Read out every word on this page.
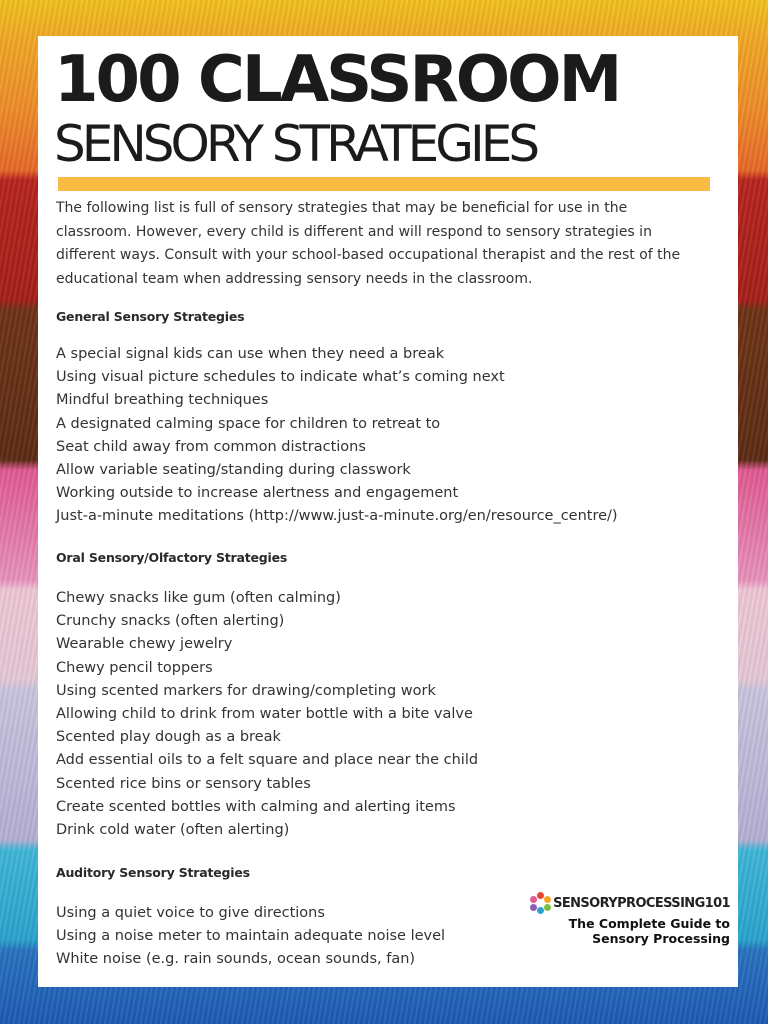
100 CLASSROOM
SENSORY STRATEGIES
The following list is full of sensory strategies that may be beneficial for use in the classroom. However, every child is different and will respond to sensory strategies in different ways. Consult with your school-based occupational therapist and the rest of the educational team when addressing sensory needs in the classroom.
General Sensory Strategies
A special signal kids can use when they need a break
Using visual picture schedules to indicate what’s coming next
Mindful breathing techniques
A designated calming space for children to retreat to
Seat child away from common distractions
Allow variable seating/standing during classwork
Working outside to increase alertness and engagement
Just-a-minute meditations (http://www.just-a-minute.org/en/resource_centre/)
Oral Sensory/Olfactory Strategies
Chewy snacks like gum (often calming)
Crunchy snacks (often alerting)
Wearable chewy jewelry
Chewy pencil toppers
Using scented markers for drawing/completing work
Allowing child to drink from water bottle with a bite valve
Scented play dough as a break
Add essential oils to a felt square and place near the child
Scented rice bins or sensory tables
Create scented bottles with calming and alerting items
Drink cold water (often alerting)
Auditory Sensory Strategies
Using a quiet voice to give directions
Using a noise meter to maintain adequate noise level
White noise (e.g. rain sounds, ocean sounds, fan)
SENSORYPROCESSING101
The Complete Guide to
Sensory Processing
